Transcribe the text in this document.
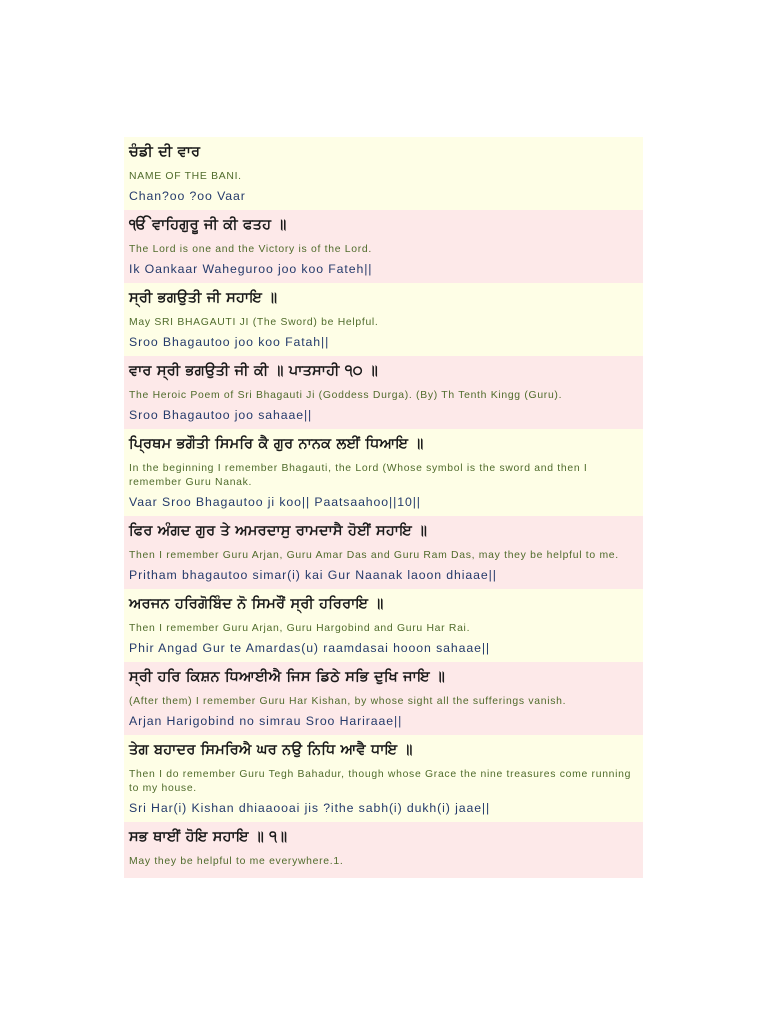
ਚੰਡੀ ਦੀ ਵਾਰ
NAME OF THE BANI.
Chan?oo ?oo Vaar
ੴ ਵਾਹਿਗੁਰੂ ਜੀ ਕੀ ਫਤਹ ॥
The Lord is one and the Victory is of the Lord.
Ik Oankaar Waheguroo joo koo Fateh||
ਸ੍ਰੀ ਭਗਉਤੀ ਜੀ ਸਹਾਇ ॥
May SRI BHAGAUTI JI (The Sword) be Helpful.
Sroo Bhagautoo joo koo Fatah||
ਵਾਰ ਸ੍ਰੀ ਭਗਉਤੀ ਜੀ ਕੀ ॥ ਪਾਤਸਾਹੀ ੧੦ ॥
The Heroic Poem of Sri Bhagauti Ji (Goddess Durga). (By) Th Tenth Kingg (Guru).
Sroo Bhagautoo joo sahaae||
ਪ੍ਰਿਥਮ ਭਗੌਤੀ ਸਿਮਰਿ ਕੈ ਗੁਰ ਨਾਨਕ ਲਈਂ ਧਿਆਇ ॥
In the beginning I remember Bhagauti, the Lord (Whose symbol is the sword and then I remember Guru Nanak.
Vaar Sroo Bhagautoo ji koo|| Paatsaahoo||10||
ਫਿਰ ਅੰਗਦ ਗੁਰ ਤੇ ਅਮਰਦਾਸੁ ਰਾਮਦਾਸੈ ਹੋਈਂ ਸਹਾਇ ॥
Then I remember Guru Arjan, Guru Amar Das and Guru Ram Das, may they be helpful to me.
Pritham bhagautoo simar(i) kai Gur Naanak laoon dhiaae||
ਅਰਜਨ ਹਰਿਗੋਬਿੰਦ ਨੋ ਸਿਮਰੌਂ ਸ੍ਰੀ ਹਰਿਰਾਇ ॥
Then I remember Guru Arjan, Guru Hargobind and Guru Har Rai.
Phir Angad Gur te Amardas(u) raamdasai hooon sahaae||
ਸ੍ਰੀ ਹਰਿ ਕਿਸ਼ਨ ਧਿਆਈਐ ਜਿਸ ਡਿਠੇ ਸਭਿ ਦੁਖਿ ਜਾਇ ॥
(After them) I remember Guru Har Kishan, by whose sight all the sufferings vanish.
Arjan Harigobind no simrau Sroo Hariraae||
ਤੇਗ ਬਹਾਦਰ ਸਿਮਰਿਐ ਘਰ ਨਉ ਨਿਧਿ ਆਵੈ ਧਾਇ ॥
Then I do remember Guru Tegh Bahadur, though whose Grace the nine treasures come running to my house.
Sri Har(i) Kishan dhiaaooai jis ?ithe sabh(i) dukh(i) jaae||
ਸਭ ਥਾਈਂ ਹੋਇ ਸਹਾਇ ॥ ੧॥
May they be helpful to me everywhere.1.
